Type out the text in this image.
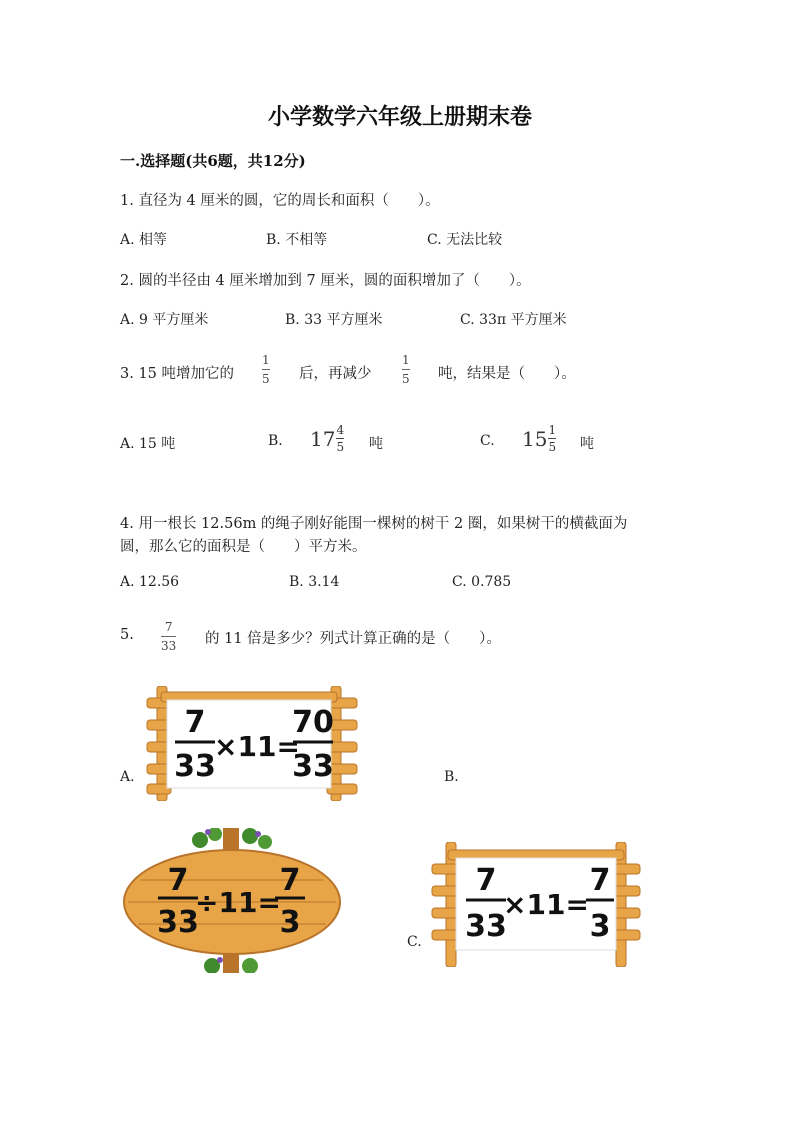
小学数学六年级上册期末卷
一.选择题(共6题，共12分)
1. 直径为 4 厘米的圆，它的周长和面积（　　）。
A. 相等	B. 不相等	C. 无法比较
2. 圆的半径由 4 厘米增加到 7 厘米，圆的面积增加了（　　）。
A. 9 平方厘米	B. 33 平方厘米	C. 33π 平方厘米
3. 15 吨增加它的
1
5 后，再减少
1
5 吨，结果是（　　）。
A. 15 吨	B. 17 4
5 吨	C. 15 1
5 吨
4. 用一根长 12.56m 的绳子刚好能围一棵树的树干 2 圈，如果树干的横截面为
圆，那么它的面积是（　　）平方米。
A. 12.56	B. 3.14	C. 0.785
5.	7
33 的 11 倍是多少？列式计算正确的是（　　）。
A.	B.
C.
7
33
×11=
70
33
7
33
÷11=
7
3
7
33
×11=
7
3
